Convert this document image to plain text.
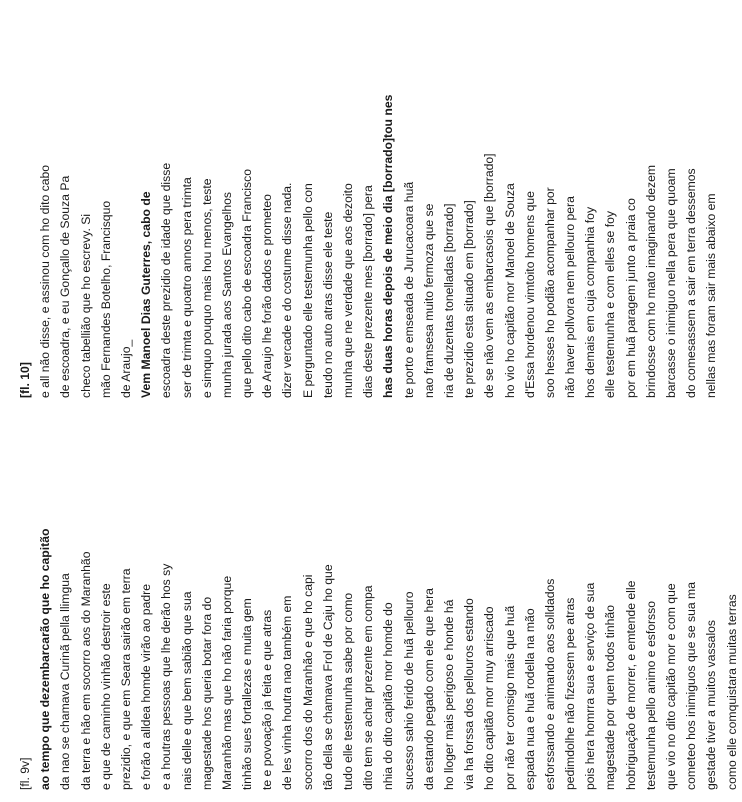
[fl. 9v] ao tempo que dezembarcarão que ho capitão da nao se chamava Curinã pella llimgua da terra e hão em socorro aos do Maranhão e que de caminho vinhão destroir este prezidio, e que em Seara sairão em terra e forão a alldea homde virão ao padre e a houtras pessoas que lhe derão hos sy nais delle e que bem sabião que sua magestade hos queria botar fora do Maranhão mas que ho não faria porque tinhão sues fortallezas e muita gem te e povoação ja feita e que atras de les vinha houtra nao também em socorro dos do Maranhão e que ho capi tão della se chamava Frol de Caju ho que tudo elle testemunha sabe por como dito tem se achar prezente em compa nhia do dito capitão mor homde do sucesso sahio ferido de huã pellouro da estando pegado com ele que hera ho lloger mais perigoso e honde há via ha forssa dos pellouros estando ho dito capitão mor muy arriscado por não ter comsigo mais que huã espada nua e huã rodella na mão esforssando e animando aos solldados pedimdolhe não fizessem pee atras pois hera homrra sua e serviço de sua magestade por quem todos tinhão hobriguação de morrer, e emtende elle testemunha pello animo e esforsso que vio no dito capitão mor e com que cometeo hos inimiguos que se sua ma gestade tiver a muitos vassalos como elle comquistara muitas terras
[fl. 10] e all não disse, e assinou com ho dito cabo de escoadra, e eu Gonçallo de Souza Pa checo tabellião que ho escrevy. Si mão Fernandes Botelho, Francisquo de Araujo_ Vem Manoel Dias Guterres, cabo de escoadra deste prezidio de idade que disse ser de trimta e quoatro annos pera trimta e simquo pouquo mais hou menos, teste munha jurada aos Santos Evangelhos que pello dito cabo de escoadra Francisco de Araujo lhe forão dados e prometeo dizer vercade e do costume disse nada. E perguntado elle testemunha pello con teudo no auto atras disse ele teste munha que ne verdade que aos dezoito dias deste prezente mes [borrado] pera has duas horas depois de meio dia [borrado]tou nes te porto e emseada de Jurucacoara huã nao framsesa muito fermoza que se ria de duzentas tonelladas [borrado] te prezidio esta situado em [borrado] de se não vem as embarcasois que [borrado] ho vio ho capitão mor Manoel de Souza d'Essa hordenou vimtoito homens que soo hesses ho podião acompanhar por não haver pollvora nem pellouro pera hos demais em cuja companhia foy elle testemunha e com elles se foy por em huã paragem junto a praia co brindosse com ho mato imaginando dezem barcasse o inimiguo nella pera que quoam do comesassem a sair em terra dessemos nellas mas foram sair mais abaixo em
